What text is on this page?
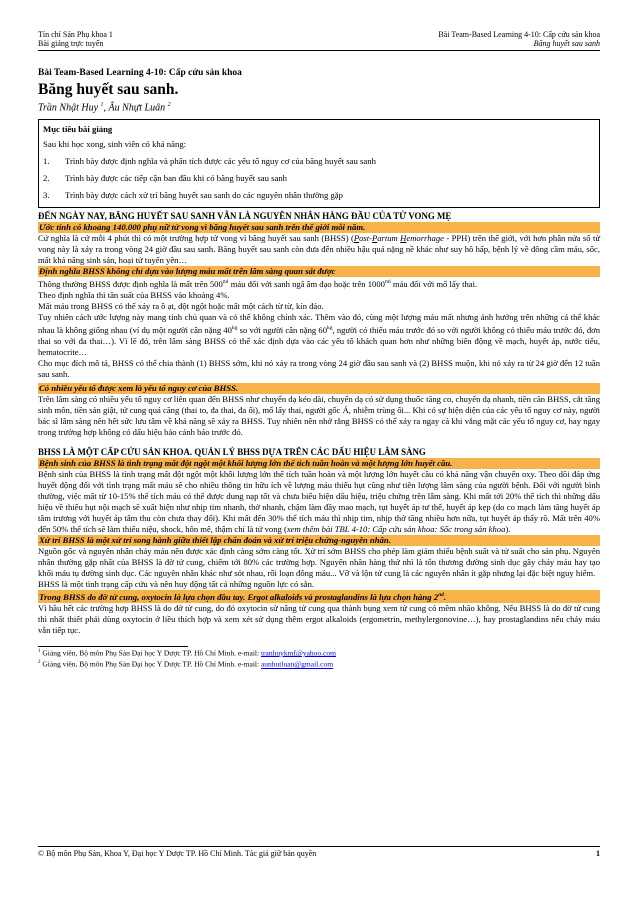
Tín chỉ Sản Phụ khoa 1
Bài giảng trực tuyến
Bài Team-Based Learning 4-10: Cấp cứu sản khoa
Băng huyết sau sanh
Bài Team-Based Learning 4-10: Cấp cứu sản khoa
Băng huyết sau sanh.
Trần Nhật Huy $^1$, Âu Nhựt Luân $^2$
Mục tiêu bài giảng
Sau khi học xong, sinh viên có khả năng:
1. Trình bày được định nghĩa và phân tích được các yếu tố nguy cơ của băng huyết sau sanh
2. Trình bày được các tiếp cận ban đầu khi có băng huyết sau sanh
3. Trình bày được cách xử trí băng huyết sau sanh do các nguyên nhân thường gặp
ĐẾN NGÀY NAY, BĂNG HUYẾT SAU SANH VẪN LÀ NGUYÊN NHÂN HÀNG ĐẦU CỦA TỬ VONG MẸ
Ước tính có khoảng 140.000 phụ nữ tử vong vì băng huyết sau sanh trên thế giới mỗi năm.

Cứ nghĩa là cứ mỗi 4 phút thì có một trường hợp tử vong vì băng huyết sau sanh (BHSS) (Post-Partum Hemorrhage - PPH) trên thế giới, với hơn phân nửa số tử vong này là xảy ra trong vòng 24 giờ đầu sau sanh. Băng huyết sau sanh còn đưa đến nhiều hậu quả nặng nề khác như suy hô hấp, bệnh lý về đông cầm máu, sốc, mất khả năng sinh sản, hoại tử tuyến yên…

Định nghĩa BHSS không chỉ dựa vào lượng máu mất trên lâm sàng quan sát được

Thông thường BHSS được định nghĩa là mất trên $500^{ml}$ máu đối với sanh ngã âm đạo hoặc trên $1000^{ml}$ máu đối với mổ lấy thai.

Theo định nghĩa thì tần suất của BHSS vào khoảng 4%.

Mất máu trong BHSS có thể xảy ra ồ ạt, đột ngột hoặc mất một cách từ từ, kín đáo.

Tuy nhiên cách ước lượng này mang tính chủ quan và có thể không chính xác. Thêm vào đó, cùng một lượng máu mất nhưng ảnh hưởng trên những cá thể khác nhau là không giống nhau (ví dụ một người cân nặng $40^{kg}$ so với người cân nặng $60^{kg}$, người có thiếu máu trước đó so với người không có thiếu máu trước đó, đơn thai so với đa thai…). Vì lẽ đó, trên lâm sàng BHSS có thể xác định dựa vào các yếu tố khách quan hơn như những biến động về mạch, huyết áp, nước tiểu, hematocrite…

Cho mục đích mô tả, BHSS có thể chia thành (1) BHSS sớm, khi nó xảy ra trong vòng 24 giờ đầu sau sanh và (2) BHSS muộn, khi nó xảy ra từ 24 giờ đến 12 tuần sau sanh.

Có nhiều yếu tố được xem là yếu tố nguy cơ của BHSS.

Trên lâm sàng có nhiều yếu tố nguy cơ liên quan đến BHSS như chuyển dạ kéo dài, chuyển dạ có sử dụng thuốc tăng co, chuyển dạ nhanh, tiền căn BHSS, cắt tầng sinh môn, tiền sản giật, tử cung quá căng (thai to, đa thai, đa ối), mổ lấy thai, người gốc Á, nhiễm trùng ối... Khi có sự hiện diện của các yếu tố nguy cơ này, người bác sĩ lâm sàng nên hết sức lưu tâm về khả năng sẽ xảy ra BHSS. Tuy nhiên nên nhớ rằng BHSS có thể xảy ra ngay cả khi vắng mặt các yếu tố nguy cơ, hay ngay trong trường hợp không có dấu hiệu báo cảnh báo trước đó.

BHSS LÀ MỘT CẤP CỨU SẢN KHOA. QUẢN LÝ BHSS DỰA TRÊN CÁC DẤU HIỆU LÂM SÀNG
Bệnh sinh của BHSS là tình trạng mất đột ngột một khối lượng lớn thể tích tuần hoàn và một lượng lớn huyết cầu.

Bệnh sinh của BHSS là tình trạng mất đột ngột một khối lượng lớn thể tích tuần hoàn và một lượng lớn huyết cầu có khả năng vận chuyển oxy. Theo dõi đáp ứng huyết động đối với tình trạng mất máu sẽ cho nhiều thông tin hữu ích về lượng máu thiếu hụt cũng như tiên lượng lâm sàng của người bệnh. Đối với người bình thường, việc mất từ 10-15% thể tích máu có thể được dung nạp tốt và chưa biểu hiện dấu hiệu, triệu chứng trên lâm sàng. Khi mất tới 20% thể tích thì những dấu hiệu về thiếu hụt nội mạch sẽ xuất hiện như nhịp tim nhanh, thở nhanh, chậm làm đầy mao mạch, tụt huyết áp tư thế, huyết áp kẹp (do co mạch làm tăng huyết áp tâm trương với huyết áp tâm thu còn chưa thay đổi). Khi mất đến 30% thể tích máu thì nhịp tim, nhịp thở tăng nhiều hơn nữa, tụt huyết áp thấy rõ. Mất trên 40% đến 50% thể tích sẽ làm thiểu niệu, shock, hôn mê, thậm chí là tử vong (xem thêm bài TBL 4-10: Cấp cứu sản khoa: Sốc trong sản khoa).

Xử trí BHSS là một xử trí song hành giữa thiết lập chẩn đoán và xử trí triệu chứng-nguyên nhân.

Nguồn gốc và nguyên nhân chảy máu nên được xác định càng sớm càng tốt. Xử trí sớm BHSS cho phép làm giảm thiểu bệnh suất và tử suất cho sản phụ. Nguyên nhân thường gặp nhất của BHSS là đờ tử cung, chiếm tới 80% các trường hợp. Nguyên nhân hàng thứ nhì là tổn thương đường sinh dục gây chảy máu hay tạo khối máu tụ đường sinh dục. Các nguyên nhân khác như sót nhau, rối loạn đông máu... Vỡ và lộn tử cung là các nguyên nhân ít gặp nhưng lại đặc biệt nguy hiểm.

BHSS là một tình trạng cấp cứu và nên huy động tất cả những nguồn lực có sẵn.

Trong BHSS do đờ tử cung, oxytocin là lựa chọn đầu tay. Ergot alkaloids và prostaglandins là lựa chọn hàng 2nd.

Vì hầu hết các trường hợp BHSS là do đờ tử cung, do đó oxytocin sử nâng tử cung qua thành bụng xem tử cung có mềm nhão không. Nếu BHSS là do đờ tử cung thì nhất thiết phải dùng oxytocin ở liều thích hợp và xem xét sử dụng thêm ergot alkaloids (ergometrin, methylergonovine…), hay prostaglandins nếu chảy máu vẫn tiếp tục.

$^1$ Giảng viên, Bộ môn Phụ Sản Đại học Y Dược TP. Hồ Chí Minh. e-mail: tranhuykmf@yahoo.com
$^2$ Giảng viên, Bộ môn Phụ Sản Đại học Y Dược TP. Hồ Chí Minh. e-mail: aunhutluan@gmail.com
© Bộ môn Phụ Sản, Khoa Y, Đại học Y Dược TP. Hồ Chí Minh. Tác giả giữ bản quyền	1
